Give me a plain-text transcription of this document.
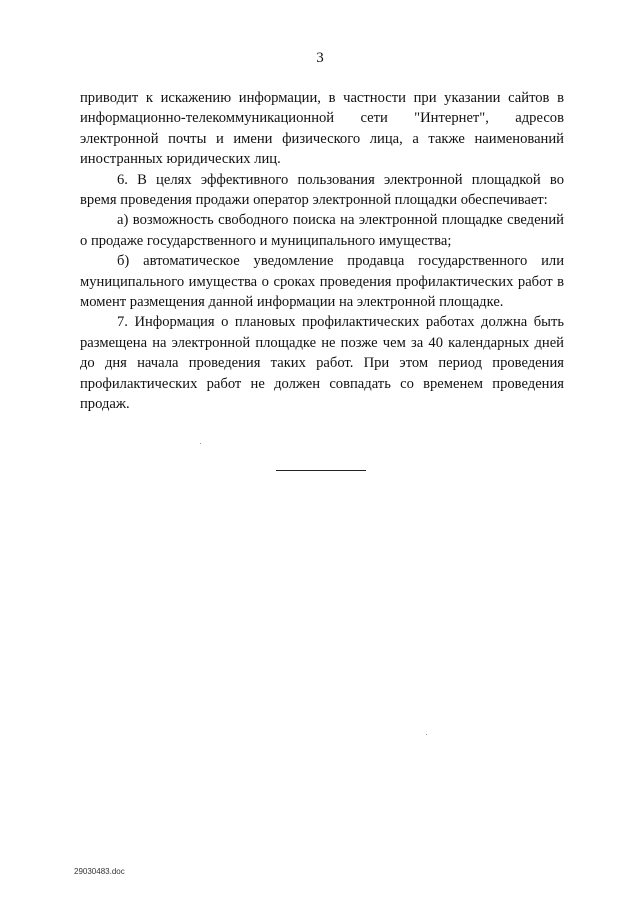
3

приводит к искажению информации, в частности при указании сайтов в информационно-телекоммуникационной сети "Интернет", адресов электронной почты и имени физического лица, а также наименований иностранных юридических лиц.

6. В целях эффективного пользования электронной площадкой во время проведения продажи оператор электронной площадки обеспечивает:

а) возможность свободного поиска на электронной площадке сведений о продаже государственного и муниципального имущества;

б) автоматическое уведомление продавца государственного или муниципального имущества о сроках проведения профилактических работ в момент размещения данной информации на электронной площадке.

7. Информация о плановых профилактических работах должна быть размещена на электронной площадке не позже чем за 40 календарных дней до дня начала проведения таких работ. При этом период проведения профилактических работ не должен совпадать со временем проведения продаж.

29030483.doc
